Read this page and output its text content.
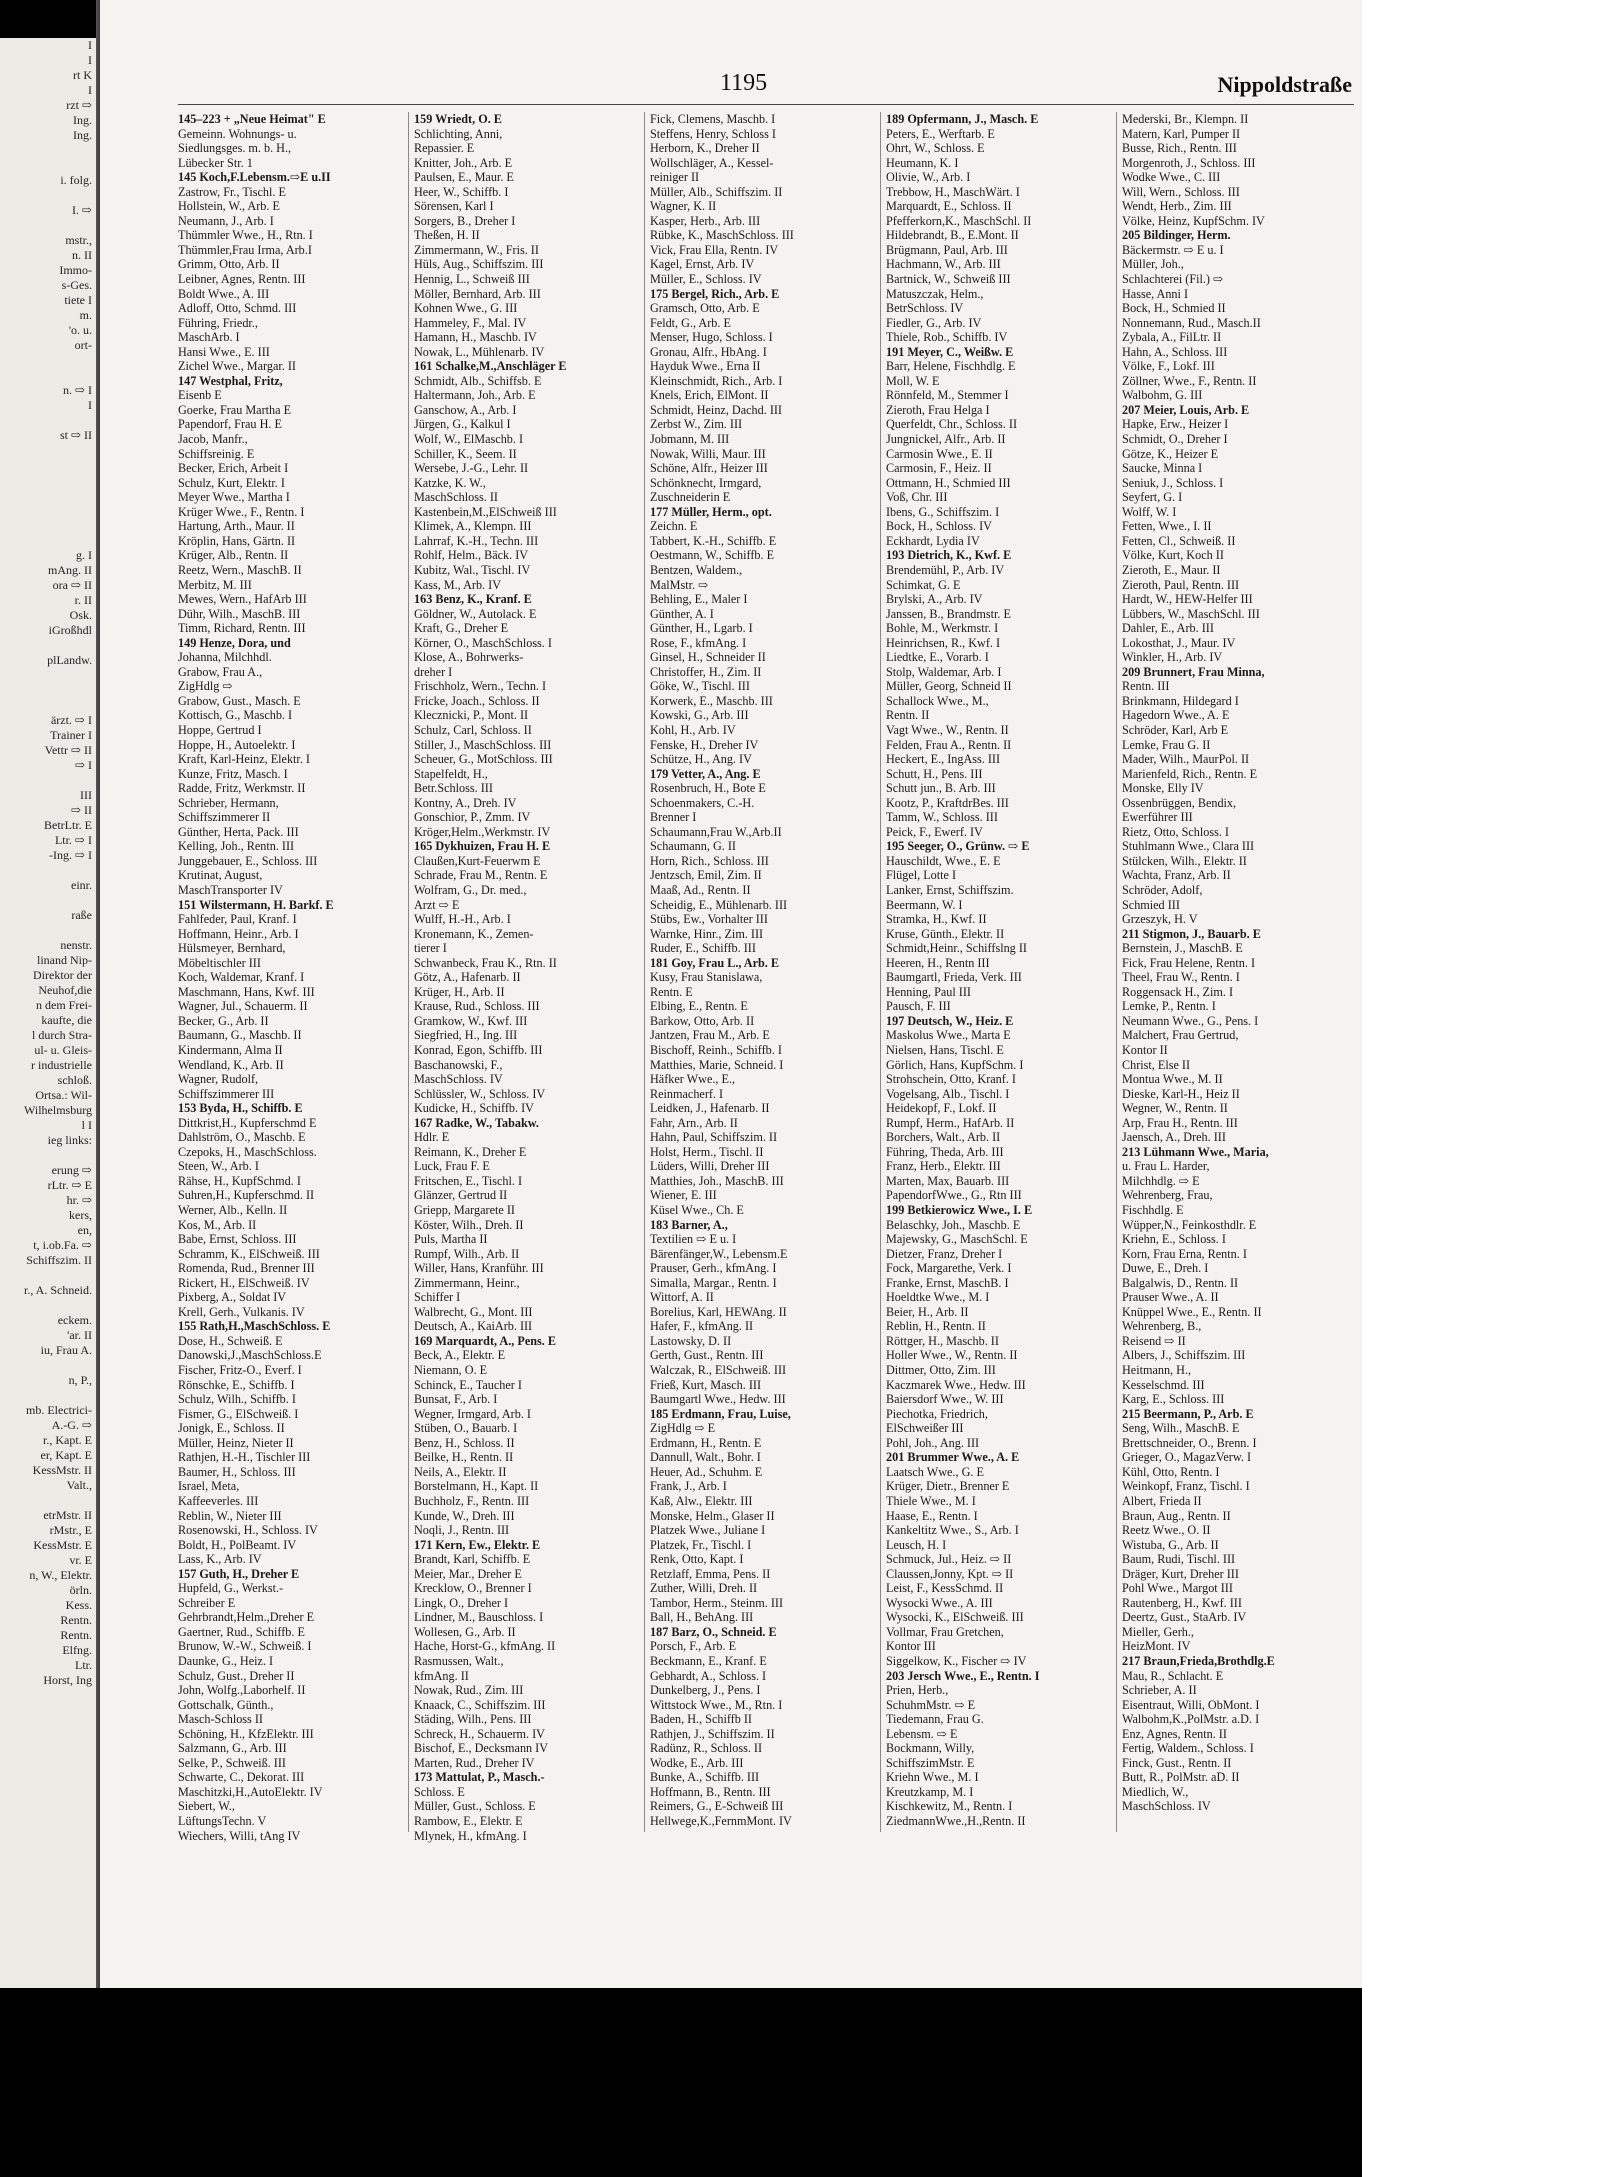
I
I
rt K
I
rzt ⇨
Ing.
Ing.

i. folg.

I. ⇨

mstr.,
n. II
Immo-
s-Ges.
tiete I
m.
'o. u.
ort-

n. ⇨ I
I

st ⇨ II

g. I
mAng. II
ora ⇨ II
r. II
Osk.
iGroßhdl

plLandw.

ärzt. ⇨ I
Trainer I
Vettr ⇨ II
⇨ I

III
⇨ II
BetrLtr. E
Ltr. ⇨ I
-Ing. ⇨ I

einr.

raße

nenstr.
linand Nip-
Direktor der
Neuhof,die
n dem Frei-
kaufte, die
l durch Stra-
ul- u. Gleis-
r industrielle
schloß.
Ortsa.: Wil-
Wilhelmsburg
l I
ieg links:

erung ⇨
rLtr. ⇨ E
hr. ⇨
kers,
en,
t, i.ob.Fa. ⇨
Schiffszim. II

r., A. Schneid.

eckem.
'ar. II
iu, Frau A.

n, P.,

mb. Electrici-
A.-G. ⇨
r., Kapt. E
er, Kapt. E
KessMstr. II
Valt.,

etrMstr. II
rMstr., E
KessMstr. E
vr. E
n, W., Elektr.
örln.
Kess.
Rentn.
Rentn.
Elfng.
Ltr.
Horst, Ing
1195	Nippoldstraße
145–223 + „Neue Heimat" E
Gemeinn. Wohnungs- u.
Siedlungsges. m. b. H.,
Lübecker Str. 1
145 Koch,F.Lebensm.⇨E u.II
Zastrow, Fr., Tischl. E
Hollstein, W., Arb. E
Neumann, J., Arb. I
Thümmler Wwe., H., Rtn. I
Thümmler,Frau Irma, Arb.I
Grimm, Otto, Arb. II
Leibner, Agnes, Rentn. III
Boldt Wwe., A. III
Adloff, Otto, Schmd. III
Führing, Friedr.,
MaschArb. I
Hansi Wwe., E. III
Zichel Wwe., Margar. II
147 Westphal, Fritz,
Eisenb E
Goerke, Frau Martha E
Papendorf, Frau H. E
Jacob, Manfr.,
Schiffsreinig. E
Becker, Erich, Arbeit I
Schulz, Kurt, Elektr. I
Meyer Wwe., Martha I
Krüger Wwe., F., Rentn. I
Hartung, Arth., Maur. II
Kröplin, Hans, Gärtn. II
Krüger, Alb., Rentn. II
Reetz, Wern., MaschB. II
Merbitz, M. III
Mewes, Wern., HafArb III
Dühr, Wilh., MaschB. III
Timm, Richard, Rentn. III
149 Henze, Dora, und
Johanna, Milchhdl.
Grabow, Frau A.,
ZigHdlg ⇨
Grabow, Gust., Masch. E
Kottisch, G., Maschb. I
Hoppe, Gertrud I
Hoppe, H., Autoelektr. I
Kraft, Karl-Heinz, Elektr. I
Kunze, Fritz, Masch. I
Radde, Fritz, Werkmstr. II
Schrieber, Hermann,
Schiffszimmerer II
Günther, Herta, Pack. III
Kelling, Joh., Rentn. III
Junggebauer, E., Schloss. III
Krutinat, August,
MaschTransporter IV
151 Wilstermann, H. Barkf. E
Fahlfeder, Paul, Kranf. I
Hoffmann, Heinr., Arb. I
Hülsmeyer, Bernhard,
Möbeltischler III
Koch, Waldemar, Kranf. I
Maschmann, Hans, Kwf. III
Wagner, Jul., Schauerm. II
Becker, G., Arb. II
Baumann, G., Maschb. II
Kindermann, Alma II
Wendland, K., Arb. II
Wagner, Rudolf,
Schiffszimmerer III
153 Byda, H., Schiffb. E
Dittkrist,H., Kupferschmd E
Dahlström, O., Maschb. E
Czepoks, H., MaschSchloss.
Steen, W., Arb. I
Rähse, H., KupfSchmd. I
Suhren,H., Kupferschmd. II
Werner, Alb., Kelln. II
Kos, M., Arb. II
Babe, Ernst, Schloss. III
Schramm, K., ElSchweiß. III
Romenda, Rud., Brenner III
Rickert, H., ElSchweiß. IV
Pixberg, A., Soldat IV
Krell, Gerh., Vulkanis. IV
155 Rath,H.,MaschSchloss. E
Dose, H., Schweiß. E
Danowski,J.,MaschSchloss.E
Fischer, Fritz-O., Everf. I
Rönschke, E., Schiffb. I
Schulz, Wilh., Schiffb. I
Fismer, G., ElSchweiß. I
Jonigk, E., Schloss. II
Müller, Heinz, Nieter II
Rathjen, H.-H., Tischler III
Baumer, H., Schloss. III
Israel, Meta,
Kaffeeverles. III
Reblin, W., Nieter III
Rosenowski, H., Schloss. IV
Boldt, H., PolBeamt. IV
Lass, K., Arb. IV
157 Guth, H., Dreher E
Hupfeld, G., Werkst.-
Schreiber E
Gehrbrandt,Helm.,Dreher E
Gaertner, Rud., Schiffb. E
Brunow, W.-W., Schweiß. I
Daunke, G., Heiz. I
Schulz, Gust., Dreher II
John, Wolfg.,Laborhelf. II
Gottschalk, Günth.,
Masch-Schloss II
Schöning, H., KfzElektr. III
Salzmann, G., Arb. III
Selke, P., Schweiß. III
Schwarte, C., Dekorat. III
Maschitzki,H.,AutoElektr. IV
Siebert, W.,
LüftungsTechn. V
Wiechers, Willi, tAng IV
159 Wriedt, O. E
Schlichting, Anni,
Repassier. E
Knitter, Joh., Arb. E
Paulsen, E., Maur. E
Heer, W., Schiffb. I
Sörensen, Karl I
Sorgers, B., Dreher I
Theßen, H. II
Zimmermann, W., Fris. II
Hüls, Aug., Schiffszim. III
Hennig, L., Schweiß III
Möller, Bernhard, Arb. III
Kohnen Wwe., G. III
Hammeley, F., Mal. IV
Hamann, H., Maschb. IV
Nowak, L., Mühlenarb. IV
161 Schalke,M.,Anschläger E
Schmidt, Alb., Schiffsb. E
Haltermann, Joh., Arb. E
Ganschow, A., Arb. I
Jürgen, G., Kalkul I
Wolf, W., ElMaschb. I
Schiller, K., Seem. II
Wersebe, J.-G., Lehr. II
Katzke, K. W.,
MaschSchloss. II
Kastenbein,M.,ElSchweiß III
Klimek, A., Klempn. III
Lahrraf, K.-H., Techn. III
Rohlf, Helm., Bäck. IV
Kubitz, Wal., Tischl. IV
Kass, M., Arb. IV
163 Benz, K., Kranf. E
Göldner, W., Autolack. E
Kraft, G., Dreher E
Körner, O., MaschSchloss. I
Klose, A., Bohrwerks-
dreher I
Frischholz, Wern., Techn. I
Fricke, Joach., Schloss. II
Klecznicki, P., Mont. II
Schulz, Carl, Schloss. II
Stiller, J., MaschSchloss. III
Scheuer, G., MotSchloss. III
Stapelfeldt, H.,
Betr.Schloss. III
Kontny, A., Dreh. IV
Gonschior, P., Zmm. IV
Kröger,Helm.,Werkmstr. IV
165 Dykhuizen, Frau H. E
Claußen,Kurt-Feuerwm E
Schrade, Frau M., Rentn. E
Wolfram, G., Dr. med.,
Arzt ⇨ E
Wulff, H.-H., Arb. I
Kronemann, K., Zemen-
tierer I
Schwanbeck, Frau K., Rtn. II
Götz, A., Hafenarb. II
Krüger, H., Arb. II
Krause, Rud., Schloss. III
Gramkow, W., Kwf. III
Siegfried, H., Ing. III
Konrad, Egon, Schiffb. III
Baschanowski, F.,
MaschSchloss. IV
Schlüssler, W., Schloss. IV
Kudicke, H., Schiffb. IV
167 Radke, W., Tabakw.
Hdlr. E
Reimann, K., Dreher E
Luck, Frau F. E
Fritschen, E., Tischl. I
Glänzer, Gertrud II
Griepp, Margarete II
Köster, Wilh., Dreh. II
Puls, Martha II
Rumpf, Wilh., Arb. II
Willer, Hans, Kranführ. III
Zimmermann, Heinr.,
Schiffer I
Walbrecht, G., Mont. III
Deutsch, A., KaiArb. III
169 Marquardt, A., Pens. E
Beck, A., Elektr. E
Niemann, O. E
Schinck, E., Taucher I
Bunsat, F., Arb. I
Wegner, Irmgard, Arb. I
Stüben, O., Bauarb. I
Benz, H., Schloss. II
Beilke, H., Rentn. II
Neils, A., Elektr. II
Borstelmann, H., Kapt. II
Buchholz, F., Rentn. III
Kunde, W., Dreh. III
Noqli, J., Rentn. III
171 Kern, Ew., Elektr. E
Brandt, Karl, Schiffb. E
Meier, Mar., Dreher E
Krecklow, O., Brenner I
Lingk, O., Dreher I
Lindner, M., Bauschloss. I
Wollesen, G., Arb. II
Hache, Horst-G., kfmAng. II
Rasmussen, Walt.,
kfmAng. II
Nowak, Rud., Zim. III
Knaack, C., Schiffszim. III
Städing, Wilh., Pens. III
Schreck, H., Schauerm. IV
Bischof, E., Decksmann IV
Marten, Rud., Dreher IV
173 Mattulat, P., Masch.-
Schloss. E
Müller, Gust., Schloss. E
Rambow, E., Elektr. E
Mlynek, H., kfmAng. I
Fick, Clemens, Maschb. I
Steffens, Henry, Schloss I
Herborn, K., Dreher II
Wollschläger, A., Kessel-
reiniger II
Müller, Alb., Schiffszim. II
Wagner, K. II
Kasper, Herb., Arb. III
Rübke, K., MaschSchloss. III
Vick, Frau Ella, Rentn. IV
Kagel, Ernst, Arb. IV
Müller, E., Schloss. IV
175 Bergel, Rich., Arb. E
Gramsch, Otto, Arb. E
Feldt, G., Arb. E
Menser, Hugo, Schloss. I
Gronau, Alfr., HbAng. I
Hayduk Wwe., Erna II
Kleinschmidt, Rich., Arb. I
Knels, Erich, ElMont. II
Schmidt, Heinz, Dachd. III
Zerbst W., Zim. III
Jobmann, M. III
Nowak, Willi, Maur. III
Schöne, Alfr., Heizer III
Schönknecht, Irmgard,
Zuschneiderin E
177 Müller, Herm., opt.
Zeichn. E
Tabbert, K.-H., Schiffb. E
Oestmann, W., Schiffb. E
Bentzen, Waldem.,
MalMstr. ⇨
Behling, E., Maler I
Günther, A. I
Günther, H., Lgarb. I
Rose, F., kfmAng. I
Ginsel, H., Schneider II
Christoffer, H., Zim. II
Göke, W., Tischl. III
Korwerk, E., Maschb. III
Kowski, G., Arb. III
Kohl, H., Arb. IV
Fenske, H., Dreher IV
Schütze, H., Ang. IV
179 Vetter, A., Ang. E
Rosenbruch, H., Bote E
Schoenmakers, C.-H.
Brenner I
Schaumann,Frau W.,Arb.II
Schaumann, G. II
Horn, Rich., Schloss. III
Jentzsch, Emil, Zim. II
Maaß, Ad., Rentn. II
Scheidig, E., Mühlenarb. III
Stübs, Ew., Vorhalter III
Warnke, Hinr., Zim. III
Ruder, E., Schiffb. III
181 Goy, Frau L., Arb. E
Kusy, Frau Stanislawa,
Rentn. E
Elbing, E., Rentn. E
Barkow, Otto, Arb. II
Jantzen, Frau M., Arb. E
Bischoff, Reinh., Schiffb. I
Matthies, Marie, Schneid. I
Häfker Wwe., E.,
Reinmacherf. I
Leidken, J., Hafenarb. II
Fahr, Arn., Arb. II
Hahn, Paul, Schiffszim. II
Holst, Herm., Tischl. II
Lüders, Willi, Dreher III
Matthies, Joh., MaschB. III
Wiener, E. III
Küsel Wwe., Ch. E
183 Barner, A.,
Textilien ⇨ E u. I
Bärenfänger,W., Lebensm.E
Prauser, Gerh., kfmAng. I
Simalla, Margar., Rentn. I
Wittorf, A. II
Borelius, Karl, HEWAng. II
Hafer, F., kfmAng. II
Lastowsky, D. II
Gerth, Gust., Rentn. III
Walczak, R., ElSchweiß. III
Frieß, Kurt, Masch. III
Baumgartl Wwe., Hedw. III
185 Erdmann, Frau, Luise,
ZigHdlg ⇨ E
Erdmann, H., Rentn. E
Dannull, Walt., Bohr. I
Heuer, Ad., Schuhm. E
Frank, J., Arb. I
Kaß, Alw., Elektr. III
Monske, Helm., Glaser II
Platzek Wwe., Juliane I
Platzek, Fr., Tischl. I
Renk, Otto, Kapt. I
Retzlaff, Emma, Pens. II
Zuther, Willi, Dreh. II
Tambor, Herm., Steinm. III
Ball, H., BehAng. III
187 Barz, O., Schneid. E
Porsch, F., Arb. E
Beckmann, E., Kranf. E
Gebhardt, A., Schloss. I
Dunkelberg, J., Pens. I
Wittstock Wwe., M., Rtn. I
Baden, H., Schiffb II
Rathjen, J., Schiffszim. II
Radünz, R., Schloss. II
Wodke, E., Arb. III
Bunke, A., Schiffb. III
Hoffmann, B., Rentn. III
Reimers, G., E-Schweiß III
Hellwege,K.,FernmMont. IV
189 Opfermann, J., Masch. E
Peters, E., Werftarb. E
Ohrt, W., Schloss. E
Heumann, K. I
Olivie, W., Arb. I
Trebbow, H., MaschWärt. I
Marquardt, E., Schloss. II
Pfefferkorn,K., MaschSchl. II
Hildebrandt, B., E.Mont. II
Brügmann, Paul, Arb. III
Hachmann, W., Arb. III
Bartnick, W., Schweiß III
Matuszczak, Helm.,
BetrSchloss. IV
Fiedler, G., Arb. IV
Thiele, Rob., Schiffb. IV
191 Meyer, C., Weißw. E
Barr, Helene, Fischhdlg. E
Moll, W. E
Rönnfeld, M., Stemmer I
Zieroth, Frau Helga I
Querfeldt, Chr., Schloss. II
Jungnickel, Alfr., Arb. II
Carmosin Wwe., E. II
Carmosin, F., Heiz. II
Ottmann, H., Schmied III
Voß, Chr. III
Ibens, G., Schiffszim. I
Bock, H., Schloss. IV
Eckhardt, Lydia IV
193 Dietrich, K., Kwf. E
Brendemühl, P., Arb. IV
Schimkat, G. E
Brylski, A., Arb. IV
Janssen, B., Brandmstr. E
Bohle, M., Werkmstr. I
Heinrichsen, R., Kwf. I
Liedtke, E., Vorarb. I
Stolp, Waldemar, Arb. I
Müller, Georg, Schneid II
Schallock Wwe., M.,
Rentn. II
Vagt Wwe., W., Rentn. II
Felden, Frau A., Rentn. II
Heckert, E., IngAss. III
Schutt, H., Pens. III
Schutt jun., B. Arb. III
Kootz, P., KraftdrBes. III
Tamm, W., Schloss. III
Peick, F., Ewerf. IV
195 Seeger, O., Grünw. ⇨ E
Hauschildt, Wwe., E. E
Flügel, Lotte I
Lanker, Ernst, Schiffszim.
Beermann, W. I
Stramka, H., Kwf. II
Kruse, Günth., Elektr. II
Schmidt,Heinr., Schiffslng II
Heeren, H., Rentn III
Baumgartl, Frieda, Verk. III
Henning, Paul III
Pausch, F. III
197 Deutsch, W., Heiz. E
Maskolus Wwe., Marta E
Nielsen, Hans, Tischl. E
Görlich, Hans, KupfSchm. I
Strohschein, Otto, Kranf. I
Vogelsang, Alb., Tischl. I
Heidekopf, F., Lokf. II
Rumpf, Herm., HafArb. II
Borchers, Walt., Arb. II
Führing, Theda, Arb. III
Franz, Herb., Elektr. III
Marten, Max, Bauarb. III
PapendorfWwe., G., Rtn III
199 Betkierowicz Wwe., I. E
Belaschky, Joh., Maschb. E
Majewsky, G., MaschSchl. E
Dietzer, Franz, Dreher I
Fock, Margarethe, Verk. I
Franke, Ernst, MaschB. I
Hoeldtke Wwe., M. I
Beier, H., Arb. II
Reblin, H., Rentn. II
Röttger, H., Maschb. II
Holler Wwe., W., Rentn. II
Dittmer, Otto, Zim. III
Kaczmarek Wwe., Hedw. III
Baiersdorf Wwe., W. III
Piechotka, Friedrich,
ElSchweißer III
Pohl, Joh., Ang. III
201 Brummer Wwe., A. E
Laatsch Wwe., G. E
Krüger, Dietr., Brenner E
Thiele Wwe., M. I
Haase, E., Rentn. I
Kankeltitz Wwe., S., Arb. I
Leusch, H. I
Schmuck, Jul., Heiz. ⇨ II
Claussen,Jonny, Kpt. ⇨ II
Leist, F., KessSchmd. II
Wysocki Wwe., A. III
Wysocki, K., ElSchweiß. III
Vollmar, Frau Gretchen,
Kontor III
Siggelkow, K., Fischer ⇨ IV
203 Jersch Wwe., E., Rentn. I
Prien, Herb.,
SchuhmMstr. ⇨ E
Tiedemann, Frau G.
Lebensm. ⇨ E
Bockmann, Willy,
SchiffszimMstr. E
Kriehn Wwe., M. I
Kreutzkamp, M. I
Kischkewitz, M., Rentn. I
ZiedmannWwe.,H.,Rentn. II
Mederski, Br., Klempn. II
Matern, Karl, Pumper II
Busse, Rich., Rentn. III
Morgenroth, J., Schloss. III
Wodke Wwe., C. III
Will, Wern., Schloss. III
Wendt, Herb., Zim. III
Völke, Heinz, KupfSchm. IV
205 Bildinger, Herm.
Bäckermstr. ⇨ E u. I
Müller, Joh.,
Schlachterei (Fil.) ⇨
Hasse, Anni I
Bock, H., Schmied II
Nonnemann, Rud., Masch.II
Zybala, A., FilLtr. II
Hahn, A., Schloss. III
Völke, F., Lokf. III
Zöllner, Wwe., F., Rentn. II
Walbohm, G. III
207 Meier, Louis, Arb. E
Hapke, Erw., Heizer I
Schmidt, O., Dreher I
Götze, K., Heizer E
Saucke, Minna I
Seniuk, J., Schloss. I
Seyfert, G. I
Wolff, W. I
Fetten, Wwe., I. II
Fetten, Cl., Schweiß. II
Völke, Kurt, Koch II
Zieroth, E., Maur. II
Zieroth, Paul, Rentn. III
Hardt, W., HEW-Helfer III
Lübbers, W., MaschSchl. III
Dahler, E., Arb. III
Lokosthat, J., Maur. IV
Winkler, H., Arb. IV
209 Brunnert, Frau Minna,
Rentn. III
Brinkmann, Hildegard I
Hagedorn Wwe., A. E
Schröder, Karl, Arb E
Lemke, Frau G. II
Mader, Wilh., MaurPol. II
Marienfeld, Rich., Rentn. E
Monske, Elly IV
Ossenbrüggen, Bendix,
Ewerführer III
Rietz, Otto, Schloss. I
Stuhlmann Wwe., Clara III
Stülcken, Wilh., Elektr. II
Wachta, Franz, Arb. II
Schröder, Adolf,
Schmied III
Grzeszyk, H. V
211 Stigmon, J., Bauarb. E
Bernstein, J., MaschB. E
Fick, Frau Helene, Rentn. I
Theel, Frau W., Rentn. I
Roggensack H., Zim. I
Lemke, P., Rentn. I
Neumann Wwe., G., Pens. I
Malchert, Frau Gertrud,
Kontor II
Christ, Else II
Montua Wwe., M. II
Dieske, Karl-H., Heiz II
Wegner, W., Rentn. II
Arp, Frau H., Rentn. III
Jaensch, A., Dreh. III
213 Lühmann Wwe., Maria,
u. Frau L. Harder,
Milchhdlg. ⇨ E
Wehrenberg, Frau,
Fischhdlg. E
Wüpper,N., Feinkosthdlr. E
Kriehn, E., Schloss. I
Korn, Frau Erna, Rentn. I
Duwe, E., Dreh. I
Balgalwis, D., Rentn. II
Prauser Wwe., A. II
Knüppel Wwe., E., Rentn. II
Wehrenberg, B.,
Reisend ⇨ II
Albers, J., Schiffszim. III
Heitmann, H.,
Kesselschmd. III
Karg, E., Schloss. III
215 Beermann, P., Arb. E
Seng, Wilh., MaschB. E
Brettschneider, O., Brenn. I
Grieger, O., MagazVerw. I
Kühl, Otto, Rentn. I
Weinkopf, Franz, Tischl. I
Albert, Frieda II
Braun, Aug., Rentn. II
Reetz Wwe., O. II
Wistuba, G., Arb. II
Baum, Rudi, Tischl. III
Dräger, Kurt, Dreher III
Pohl Wwe., Margot III
Rautenberg, H., Kwf. III
Deertz, Gust., StaArb. IV
Mieller, Gerh.,
HeizMont. IV
217 Braun,Frieda,Brothdlg.E
Mau, R., Schlacht. E
Schrieber, A. II
Eisentraut, Willi, ObMont. I
Walbohm,K.,PolMstr. a.D. I
Enz, Agnes, Rentn. II
Fertig, Waldem., Schloss. I
Finck, Gust., Rentn. II
Butt, R., PolMstr. aD. II
Miedlich, W.,
MaschSchloss. IV
